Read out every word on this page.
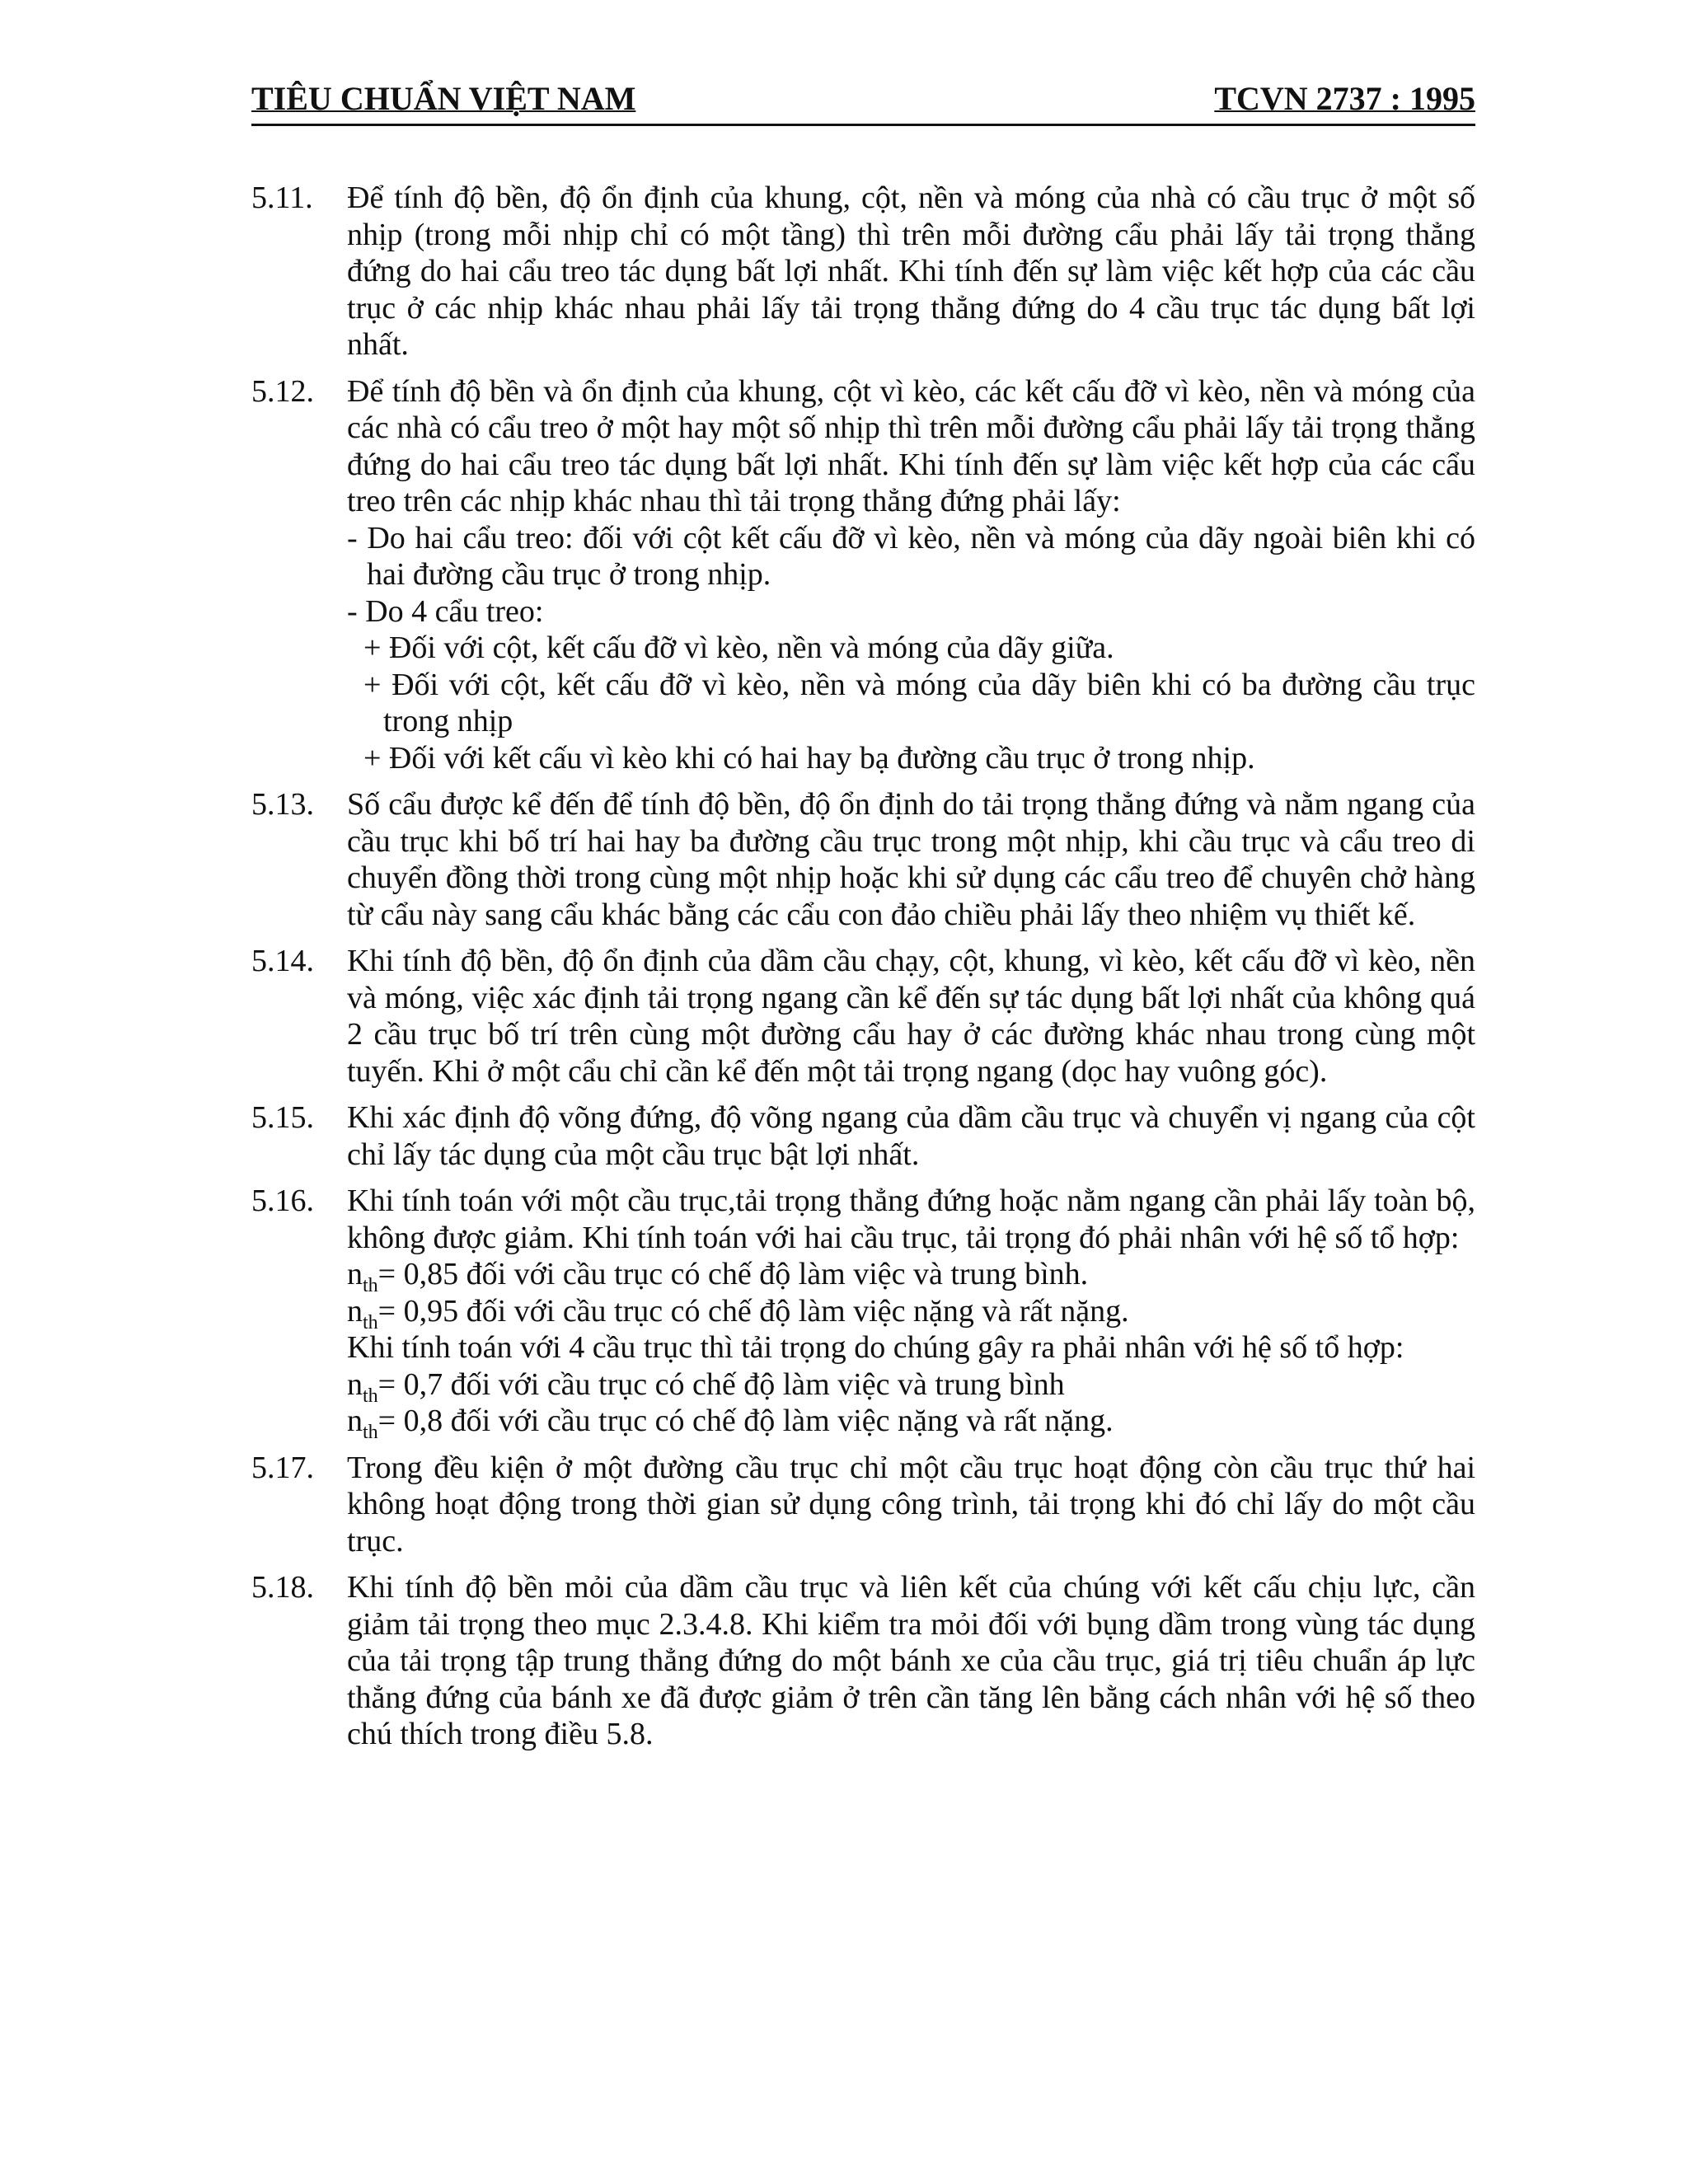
TIÊU CHUẨN VIỆT NAM	TCVN 2737 : 1995
5.11. Để tính độ bền, độ ổn định của khung, cột, nền và móng của nhà có cầu trục ở một số nhịp (trong mỗi nhịp chỉ có một tầng) thì trên mỗi đường cẩu phải lấy tải trọng thẳng đứng do hai cẩu treo tác dụng bất lợi nhất. Khi tính đến sự làm việc kết hợp của các cầu trục ở các nhịp khác nhau phải lấy tải trọng thẳng đứng do 4 cầu trục tác dụng bất lợi nhất.

5.12. Để tính độ bền và ổn định của khung, cột vì kèo, các kết cấu đỡ vì kèo, nền và móng của các nhà có cẩu treo ở một hay một số nhịp thì trên mỗi đường cẩu phải lấy tải trọng thẳng đứng do hai cẩu treo tác dụng bất lợi nhất. Khi tính đến sự làm việc kết hợp của các cẩu treo trên các nhịp khác nhau thì tải trọng thẳng đứng phải lấy:

- Do hai cẩu treo: đối với cột kết cấu đỡ vì kèo, nền và móng của dãy ngoài biên khi có hai đường cầu trục ở trong nhịp.

- Do 4 cẩu treo:

+ Đối với cột, kết cấu đỡ vì kèo, nền và móng của dãy giữa.

+ Đối với cột, kết cấu đỡ vì kèo, nền và móng của dãy biên khi có ba đường cầu trục trong nhịp

+ Đối với kết cấu vì kèo khi có hai hay bạ đường cầu trục ở trong nhịp.

5.13. Số cẩu được kể đến để tính độ bền, độ ổn định do tải trọng thẳng đứng và nằm ngang của cầu trục khi bố trí hai hay ba đường cầu trục trong một nhịp, khi cầu trục và cẩu treo di chuyển đồng thời trong cùng một nhịp hoặc khi sử dụng các cẩu treo để chuyên chở hàng từ cẩu này sang cẩu khác bằng các cẩu con đảo chiều phải lấy theo nhiệm vụ thiết kế.

5.14. Khi tính độ bền, độ ổn định của dầm cầu chạy, cột, khung, vì kèo, kết cấu đỡ vì kèo, nền và móng, việc xác định tải trọng ngang cần kể đến sự tác dụng bất lợi nhất của không quá 2 cầu trục bố trí trên cùng một đường cẩu hay ở các đường khác nhau trong cùng một tuyến. Khi ở một cẩu chỉ cần kể đến một tải trọng ngang (dọc hay vuông góc).

5.15. Khi xác định độ võng đứng, độ võng ngang của dầm cầu trục và chuyển vị ngang của cột chỉ lấy tác dụng của một cầu trục bật lợi nhất.

5.16. Khi tính toán với một cầu trục,tải trọng thẳng đứng hoặc nằm ngang cần phải lấy toàn bộ, không được giảm. Khi tính toán với hai cầu trục, tải trọng đó phải nhân với hệ số tổ hợp:

$n_{th}= 0,85$ đối với cầu trục có chế độ làm việc và trung bình.

$n_{th}= 0,95$ đối với cầu trục có chế độ làm việc nặng và rất nặng.

Khi tính toán với 4 cầu trục thì tải trọng do chúng gây ra phải nhân với hệ số tổ hợp:

$n_{th}= 0,7$ đối với cầu trục có chế độ làm việc và trung bình

$n_{th}= 0,8$ đối với cầu trục có chế độ làm việc nặng và rất nặng.

5.17. Trong đều kiện ở một đường cầu trục chỉ một cầu trục hoạt động còn cầu trục thứ hai không hoạt động trong thời gian sử dụng công trình, tải trọng khi đó chỉ lấy do một cầu trục.

5.18. Khi tính độ bền mỏi của dầm cầu trục và liên kết của chúng với kết cấu chịu lực, cần giảm tải trọng theo mục 2.3.4.8. Khi kiểm tra mỏi đối với bụng dầm trong vùng tác dụng của tải trọng tập trung thẳng đứng do một bánh xe của cầu trục, giá trị tiêu chuẩn áp lực thẳng đứng của bánh xe đã được giảm ở trên cần tăng lên bằng cách nhân với hệ số theo chú thích trong điều 5.8.
